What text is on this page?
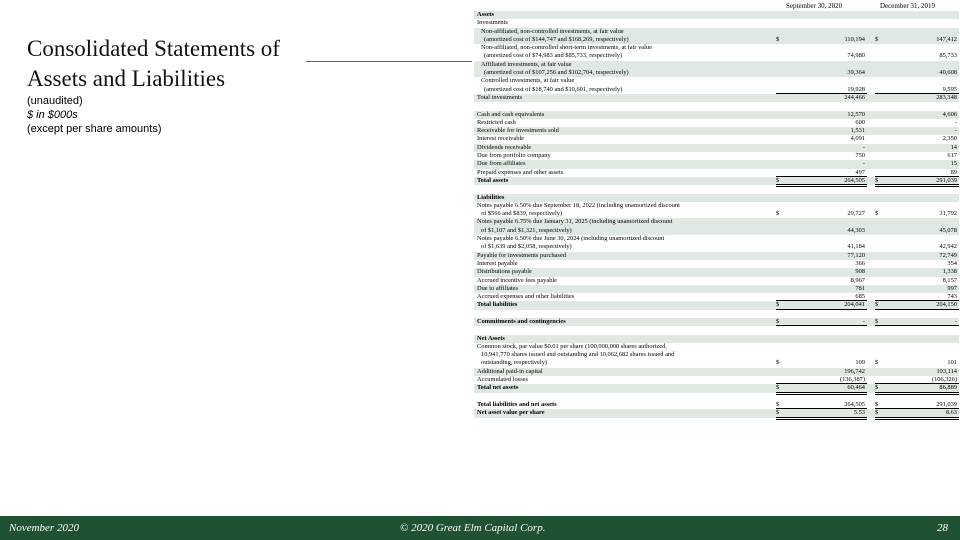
Consolidated Statements of
Assets and Liabilities
(unaudited)
$ in $000s
(except per share amounts)
September 30, 2020	December 31, 2019
Assets
Investments
Non-affiliated, non-controlled investments, at fair value
(amortized cost of $144,747 and $168,269, respectively)	$	110,194 $	147,412
Non-affiliated, non-controlled short-term investments, at fair value
(amortized cost of $74,983 and $85,733, respectively)	74,980	85,733
Affiliated investments, at fair value
(amortized cost of $107,256 and $102,704, respectively)	39,364	40,608
Controlled investments, at fair value
(amortized cost of $18,740 and $10,601, respectively)	19,928	9,595
Total investments	244,466	283,348

Cash and cash equivalents	12,570	4,606
Restricted cash	600	-
Receivable for investments sold	1,531	-
Interest receivable	4,091	2,350
Dividends receivable	-	14
Due from portfolio company	750	617
Due from affiliates	-	15
Prepaid expenses and other assets	497	89
Total assets	$	264,505 $	291,039

Liabilities
Notes payable 6.50% due September 18, 2022 (including unamortized discount
of $566 and $839, respectively)	$	29,727 $	31,792
Notes payable 6.75% due January 31, 2025 (including unamortized discount
of $1,107 and $1,321, respectively)	44,303	45,078
Notes payable 6.50% due June 30, 2024 (including unamortized discount
of $1,639 and $2,058, respectively)	41,184	42,942
Payable for investments purchased	77,120	72,749
Interest payable	366	354
Distributions payable	908	1,338
Accrued incentive fees payable	8,967	8,157
Due to affiliates	781	997
Accrued expenses and other liabilities	685	743
Total liabilities	$	204,041 $	204,150

Commitments and contingencies	$	- $	-

Net Assets
Common stock, par value $0.01 per share (100,000,000 shares authorized,
10,941,770 shares issued and outstanding and 10,062,682 shares issued and
outstanding, respectively)	$	109 $	101
Additional paid-in capital	196,742	193,114
Accumulated losses	(136,387)	(106,326)
Total net assets	$	60,464 $	86,889

Total liabilities and net assets	$	264,505 $	291,039
Net asset value per share	$	5.53 $	8.63
November 2020	© 2020 Great Elm Capital Corp.	28
